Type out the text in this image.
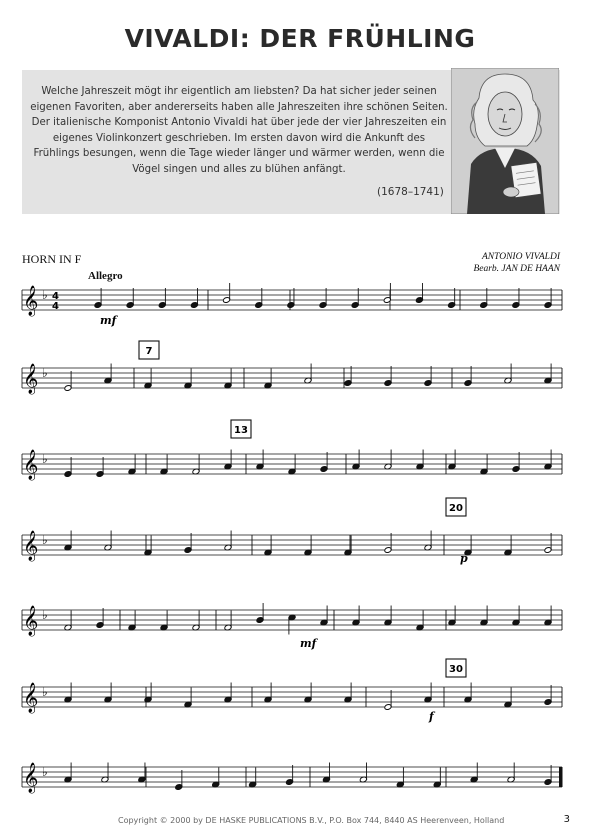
VIVALDI: DER FRÜHLING
Welche Jahreszeit mögt ihr eigentlich am liebsten? Da hat sicher jeder seinen eigenen Favoriten, aber andererseits haben alle Jahreszeiten ihre schönen Seiten. Der italienische Komponist Antonio Vivaldi hat über jede der vier Jahreszeiten ein eigenes Violinkonzert geschrieben. Im ersten davon wird die Ankunft des Frühlings besungen, wenn die Tage wieder länger und wärmer werden, wenn die Vögel singen und alles zu blühen anfängt.
(1678–1741)
HORN IN F	ANTONIO VIVALDI
Bearb. JAN DE HAAN
Allegro
𝄞 ♭ 4
4
𝄞 ♭
𝄞 ♭
𝄞 ♭
𝄞 ♭
𝄞 ♭
𝄞 ♭
7
13
20
30
mf
p
mf
f
Copyright © 2000 by DE HASKE PUBLICATIONS B.V., P.O. Box 744, 8440 AS Heerenveen, Holland	3
